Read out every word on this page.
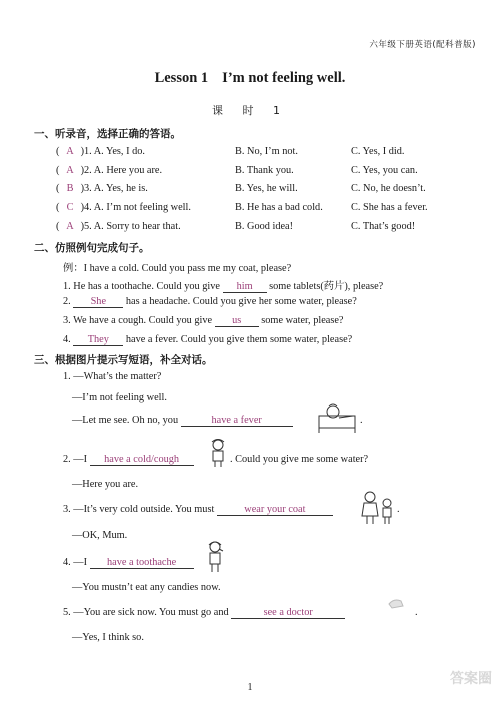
六年级下册英语(配科普版)
Lesson 1 I’m not feeling well.
课 时 1
一、听录音，选择正确的答语。
( A )1. A. Yes, I do.	B. No, I’m not.	C. Yes, I did.
( A )2. A. Here you are.	B. Thank you.	C. Yes, you can.
( B )3. A. Yes, he is.	B. Yes, he will.	C. No, he doesn’t.
( C )4. A. I’m not feeling well.	B. He has a bad cold.	C. She has a fever.
( A )5. A. Sorry to hear that.	B. Good idea!	C. That’s good!
二、仿照例句完成句子。
例：I have a cold. Could you pass me my coat, please?
1. He has a toothache. Could you give him some tablets(药片), please?
2. She has a headache. Could you give her some water, please?
3. We have a cough. Could you give us some water, please?
4. They have a fever. Could you give them some water, please?
三、根据图片提示写短语，补全对话。
1. —What’s the matter?
—I’m not feeling well.
—Let me see. Oh no, you	have a fever	.
2. —I have a cold/cough	. Could you give me some water?
—Here you are.
3. —It’s very cold outside. You must	wear your coat	.
—OK, Mum.
4. —I have a toothache
—You mustn’t eat any candies now.
5. —You are sick now. You must go and	see a doctor	.
—Yes, I think so.
1
答案圈
